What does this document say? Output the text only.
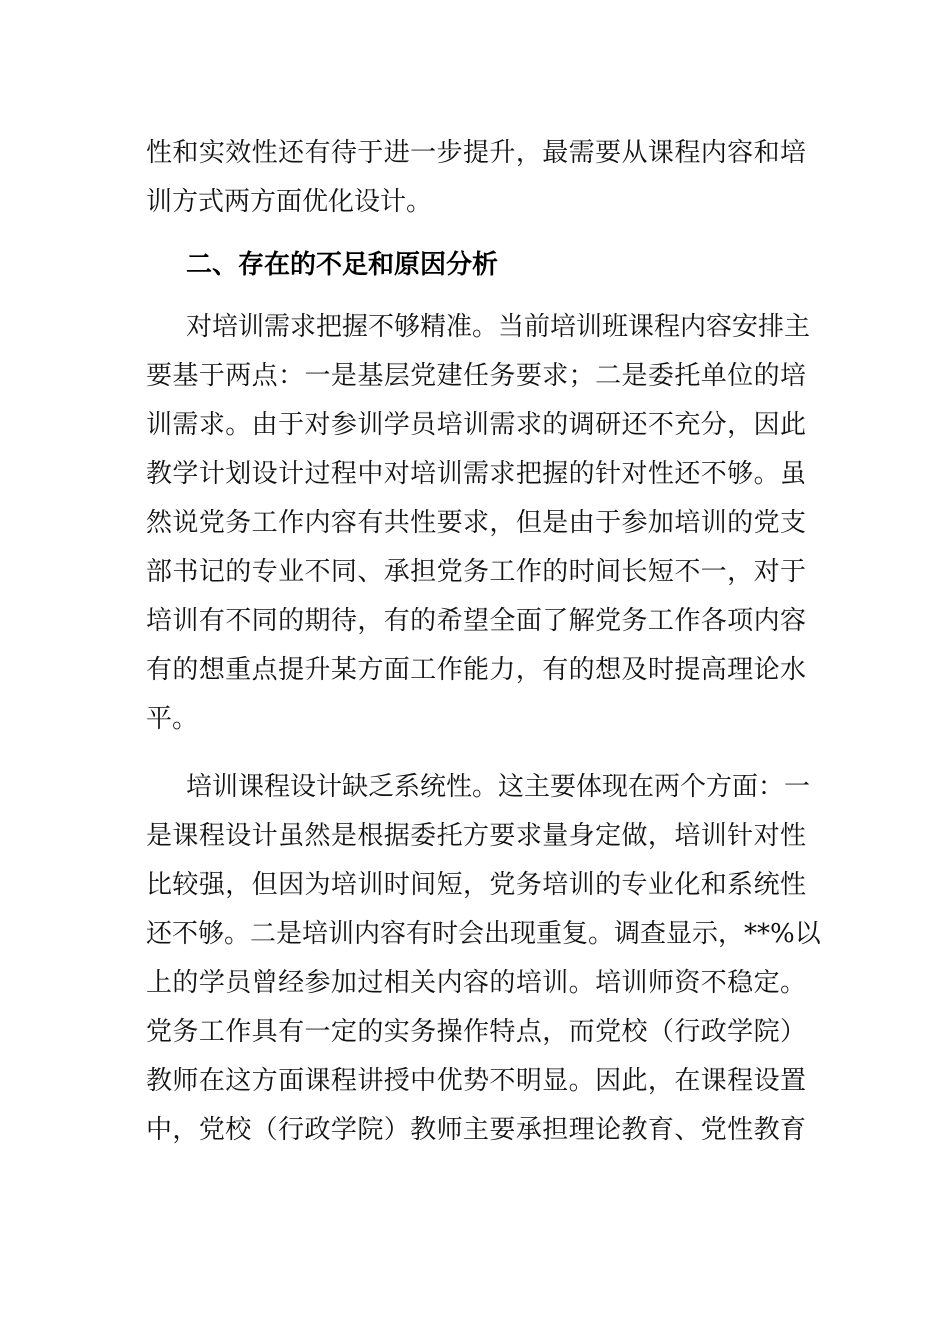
性和实效性还有待于进一步提升，最需要从课程内容和培
训方式两方面优化设计。
二、存在的不足和原因分析
对培训需求把握不够精准。当前培训班课程内容安排主
要基于两点：一是基层党建任务要求；二是委托单位的培
训需求。由于对参训学员培训需求的调研还不充分，因此
教学计划设计过程中对培训需求把握的针对性还不够。虽
然说党务工作内容有共性要求，但是由于参加培训的党支
部书记的专业不同、承担党务工作的时间长短不一，对于
培训有不同的期待，有的希望全面了解党务工作各项内容
有的想重点提升某方面工作能力，有的想及时提高理论水
平。
培训课程设计缺乏系统性。这主要体现在两个方面：一
是课程设计虽然是根据委托方要求量身定做，培训针对性
比较强，但因为培训时间短，党务培训的专业化和系统性
还不够。二是培训内容有时会出现重复。调查显示，**%以
上的学员曾经参加过相关内容的培训。培训师资不稳定。
党务工作具有一定的实务操作特点，而党校（行政学院）
教师在这方面课程讲授中优势不明显。因此，在课程设置
中，党校（行政学院）教师主要承担理论教育、党性教育
